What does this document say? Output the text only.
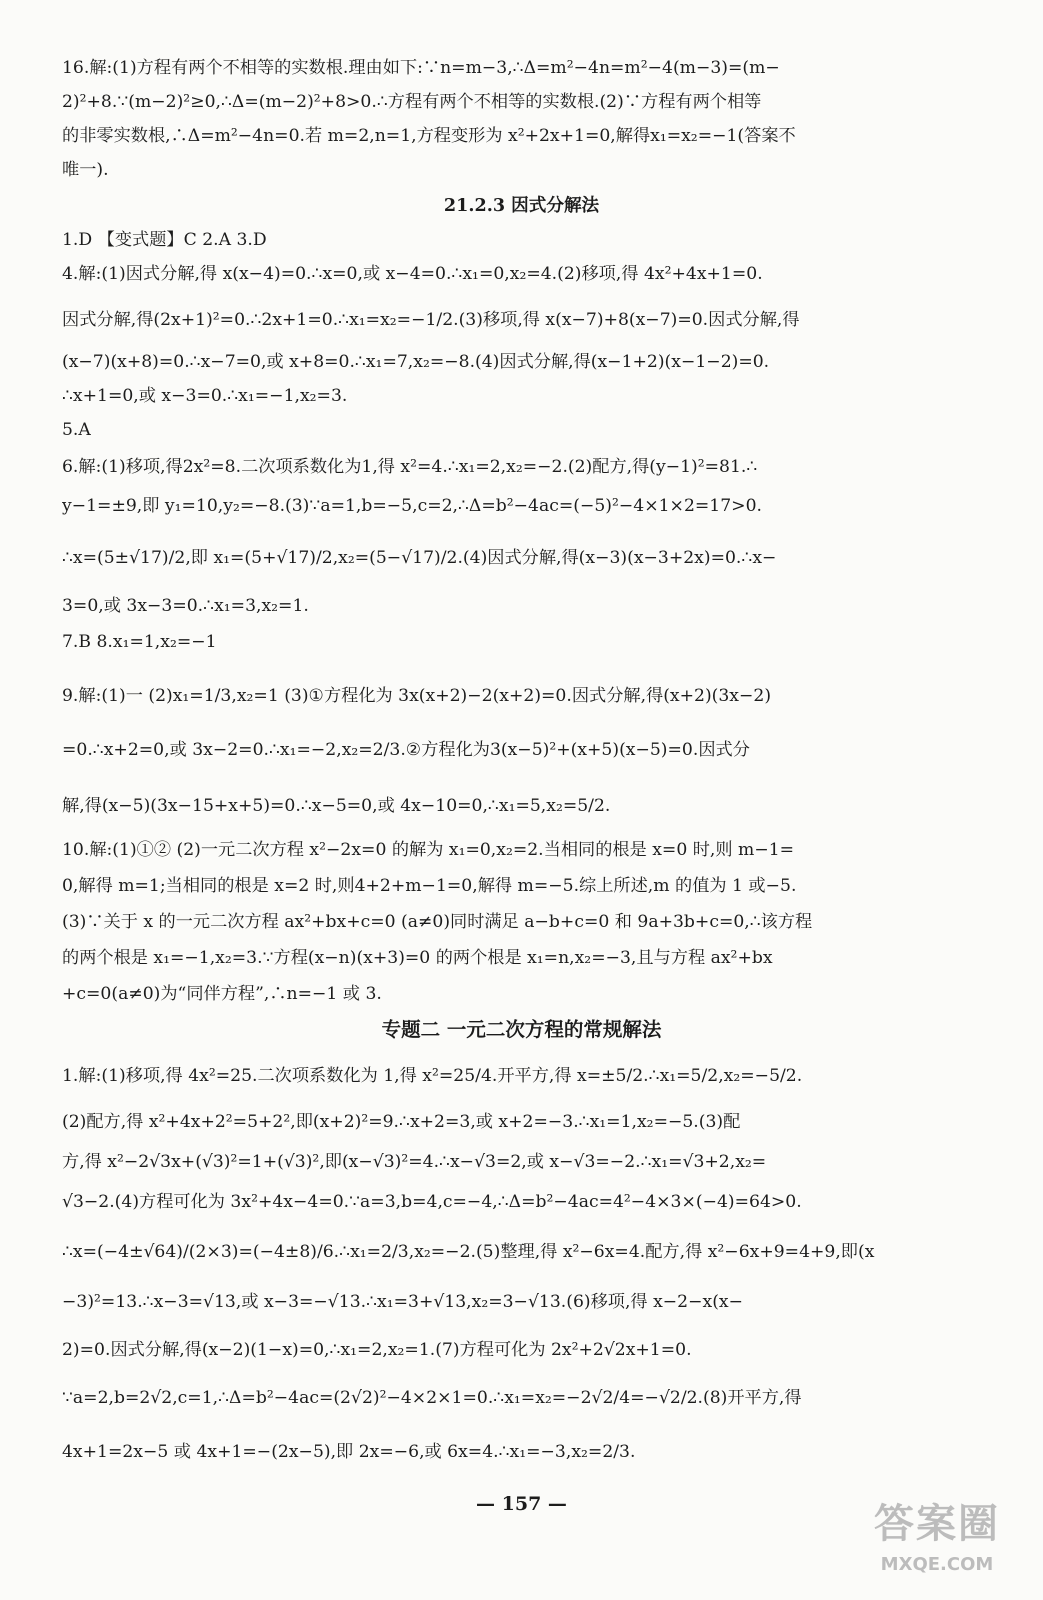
16.解:(1)方程有两个不相等的实数根.理由如下:∵n=m−3,∴Δ=m²−4n=m²−4(m−3)=(m−
2)²+8.∵(m−2)²≥0,∴Δ=(m−2)²+8>0.∴方程有两个不相等的实数根.(2)∵方程有两个相等
的非零实数根,∴Δ=m²−4n=0.若 m=2,n=1,方程变形为 x²+2x+1=0,解得x₁=x₂=−1(答案不
唯一).
21.2.3 因式分解法
1.D 【变式题】C 2.A 3.D
4.解:(1)因式分解,得 x(x−4)=0.∴x=0,或 x−4=0.∴x₁=0,x₂=4.(2)移项,得 4x²+4x+1=0.
因式分解,得(2x+1)²=0.∴2x+1=0.∴x₁=x₂=−1/2.(3)移项,得 x(x−7)+8(x−7)=0.因式分解,得
(x−7)(x+8)=0.∴x−7=0,或 x+8=0.∴x₁=7,x₂=−8.(4)因式分解,得(x−1+2)(x−1−2)=0.
∴x+1=0,或 x−3=0.∴x₁=−1,x₂=3.
5.A
6.解:(1)移项,得2x²=8.二次项系数化为1,得 x²=4.∴x₁=2,x₂=−2.(2)配方,得(y−1)²=81.∴
y−1=±9,即 y₁=10,y₂=−8.(3)∵a=1,b=−5,c=2,∴Δ=b²−4ac=(−5)²−4×1×2=17>0.
∴x=(5±√17)/2,即 x₁=(5+√17)/2,x₂=(5−√17)/2.(4)因式分解,得(x−3)(x−3+2x)=0.∴x−
3=0,或 3x−3=0.∴x₁=3,x₂=1.
7.B 8.x₁=1,x₂=−1
9.解:(1)一 (2)x₁=1/3,x₂=1 (3)①方程化为 3x(x+2)−2(x+2)=0.因式分解,得(x+2)(3x−2)
=0.∴x+2=0,或 3x−2=0.∴x₁=−2,x₂=2/3.②方程化为3(x−5)²+(x+5)(x−5)=0.因式分
解,得(x−5)(3x−15+x+5)=0.∴x−5=0,或 4x−10=0,∴x₁=5,x₂=5/2.
10.解:(1)①② (2)一元二次方程 x²−2x=0 的解为 x₁=0,x₂=2.当相同的根是 x=0 时,则 m−1=
0,解得 m=1;当相同的根是 x=2 时,则4+2+m−1=0,解得 m=−5.综上所述,m 的值为 1 或−5.
(3)∵关于 x 的一元二次方程 ax²+bx+c=0 (a≠0)同时满足 a−b+c=0 和 9a+3b+c=0,∴该方程
的两个根是 x₁=−1,x₂=3.∵方程(x−n)(x+3)=0 的两个根是 x₁=n,x₂=−3,且与方程 ax²+bx
+c=0(a≠0)为“同伴方程”,∴n=−1 或 3.
专题二 一元二次方程的常规解法
1.解:(1)移项,得 4x²=25.二次项系数化为 1,得 x²=25/4.开平方,得 x=±5/2.∴x₁=5/2,x₂=−5/2.
(2)配方,得 x²+4x+2²=5+2²,即(x+2)²=9.∴x+2=3,或 x+2=−3.∴x₁=1,x₂=−5.(3)配
方,得 x²−2√3x+(√3)²=1+(√3)²,即(x−√3)²=4.∴x−√3=2,或 x−√3=−2.∴x₁=√3+2,x₂=
√3−2.(4)方程可化为 3x²+4x−4=0.∵a=3,b=4,c=−4,∴Δ=b²−4ac=4²−4×3×(−4)=64>0.
∴x=(−4±√64)/(2×3)=(−4±8)/6.∴x₁=2/3,x₂=−2.(5)整理,得 x²−6x=4.配方,得 x²−6x+9=4+9,即(x
−3)²=13.∴x−3=√13,或 x−3=−√13.∴x₁=3+√13,x₂=3−√13.(6)移项,得 x−2−x(x−
2)=0.因式分解,得(x−2)(1−x)=0,∴x₁=2,x₂=1.(7)方程可化为 2x²+2√2x+1=0.
∵a=2,b=2√2,c=1,∴Δ=b²−4ac=(2√2)²−4×2×1=0.∴x₁=x₂=−2√2/4=−√2/2.(8)开平方,得
4x+1=2x−5 或 4x+1=−(2x−5),即 2x=−6,或 6x=4.∴x₁=−3,x₂=2/3.
— 157 —	答案圈
MXQE.COM
